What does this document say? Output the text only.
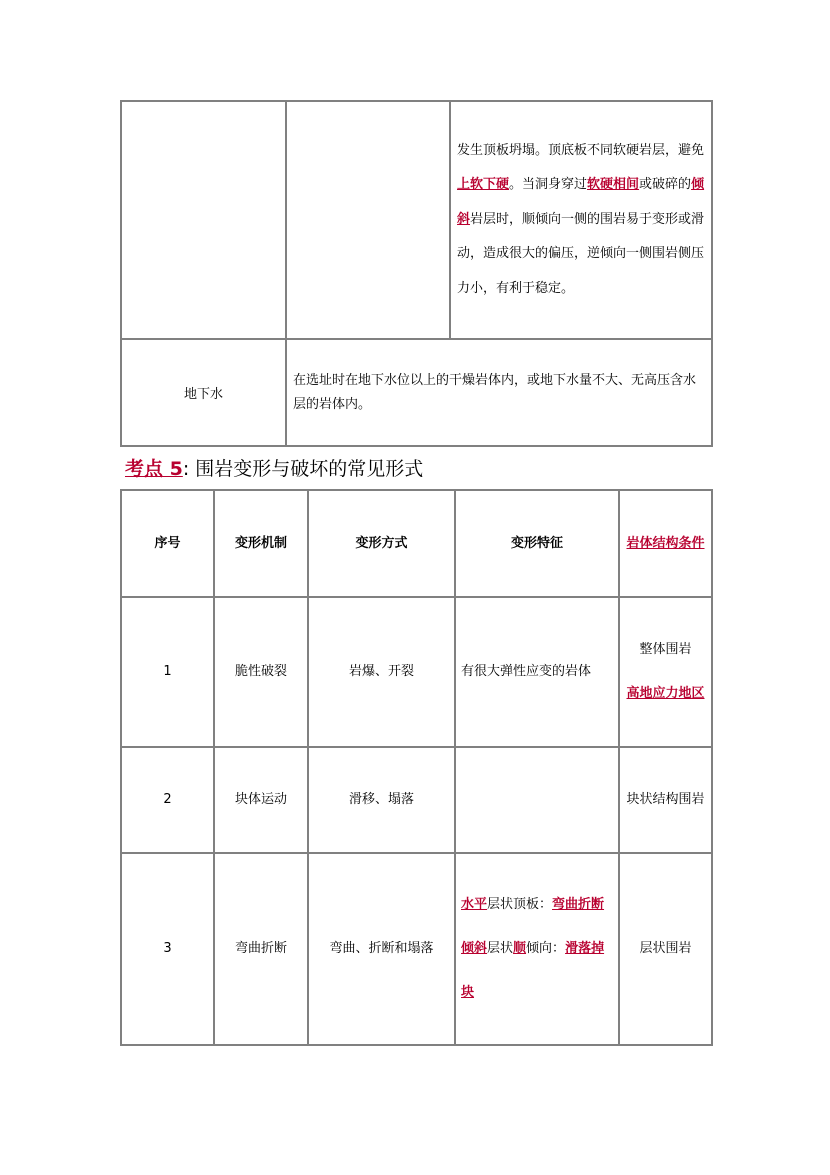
		发生顶板坍塌。顶底板不同软硬岩层，避免上软下硬。当洞身穿过软硬相间或破碎的倾斜岩层时，顺倾向一侧的围岩易于变形或滑动，造成很大的偏压，逆倾向一侧围岩侧压力小，有利于稳定。
地下水	在选址时在地下水位以上的干燥岩体内，或地下水量不大、无高压含水层的岩体内。	
考点 5: 围岩变形与破坏的常见形式
序号	变形机制	变形方式	变形特征	岩体结构条件
1	脆性破裂	岩爆、开裂	有很大弹性应变的岩体	整体围岩
高地应力地区
2	块体运动	滑移、塌落		块状结构围岩
3	弯曲折断	弯曲、折断和塌落	水平层状顶板：弯曲折断
倾斜层状顺倾向：滑落掉块	层状围岩
